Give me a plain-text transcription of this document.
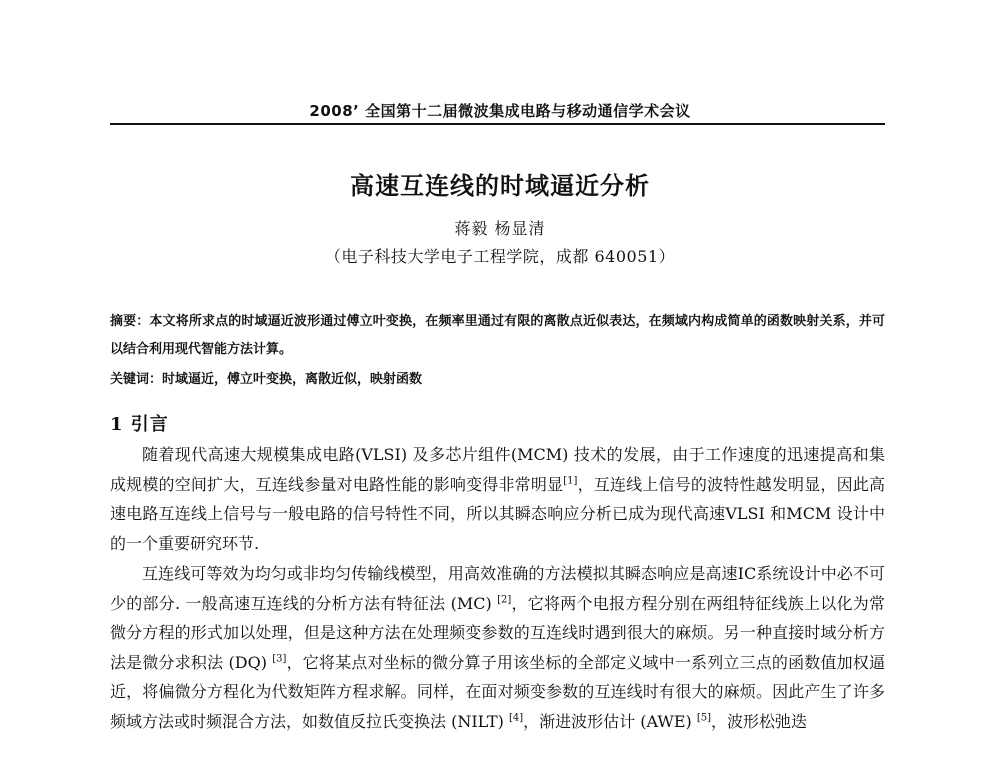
2008’ 全国第十二届微波集成电路与移动通信学术会议
高速互连线的时域逼近分析
蒋毅 杨显清
（电子科技大学电子工程学院，成都 640051）
摘要：本文将所求点的时域逼近波形通过傅立叶变换，在频率里通过有限的离散点近似表达，在频域内构成简单的函数映射关系，并可以结合利用现代智能方法计算。
关键词：时域逼近，傅立叶变换，离散近似，映射函数
1 引言

随着现代高速大规模集成电路(VLSI) 及多芯片组件(MCM) 技术的发展，由于工作速度的迅速提高和集成规模的空间扩大，互连线参量对电路性能的影响变得非常明显[1]，互连线上信号的波特性越发明显，因此高速电路互连线上信号与一般电路的信号特性不同，所以其瞬态响应分析已成为现代高速VLSI 和MCM 设计中的一个重要研究环节.

互连线可等效为均匀或非均匀传输线模型，用高效准确的方法模拟其瞬态响应是高速IC系统设计中必不可少的部分. 一般高速互连线的分析方法有特征法 (MC) [2]，它将两个电报方程分别在两组特征线族上以化为常微分方程的形式加以处理，但是这种方法在处理频变参数的互连线时遇到很大的麻烦。另一种直接时域分析方法是微分求积法 (DQ) [3]，它将某点对坐标的微分算子用该坐标的全部定义域中一系列立三点的函数值加权逼近，将偏微分方程化为代数矩阵方程求解。同样，在面对频变参数的互连线时有很大的麻烦。因此产生了许多频域方法或时频混合方法，如数值反拉氏变换法 (NILT) [4]，渐进波形估计 (AWE) [5]，波形松弛迭
